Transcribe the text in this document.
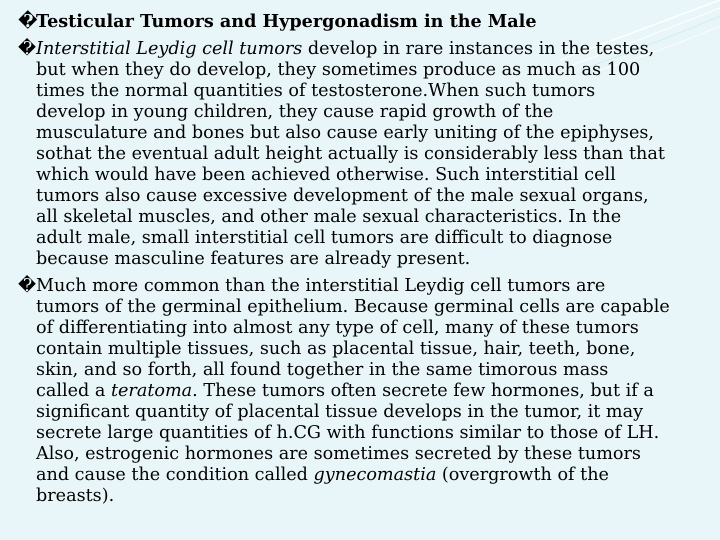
�Testicular Tumors and Hypergonadism in the Male
�Interstitial Leydig cell tumors develop in rare instances in the testes,
but when they do develop, they sometimes produce as much as 100
times the normal quantities of testosterone.When such tumors
develop in young children, they cause rapid growth of the
musculature and bones but also cause early uniting of the epiphyses,
sothat the eventual adult height actually is considerably less than that
which would have been achieved otherwise. Such interstitial cell
tumors also cause excessive development of the male sexual organs,
all skeletal muscles, and other male sexual characteristics. In the
adult male, small interstitial cell tumors are difficult to diagnose
because masculine features are already present.
�Much more common than the interstitial Leydig cell tumors are
tumors of the germinal epithelium. Because germinal cells are capable
of differentiating into almost any type of cell, many of these tumors
contain multiple tissues, such as placental tissue, hair, teeth, bone,
skin, and so forth, all found together in the same timorous mass
called a teratoma. These tumors often secrete few hormones, but if a
significant quantity of placental tissue develops in the tumor, it may
secrete large quantities of h.CG with functions similar to those of LH.
Also, estrogenic hormones are sometimes secreted by these tumors
and cause the condition called gynecomastia (overgrowth of the
breasts).
